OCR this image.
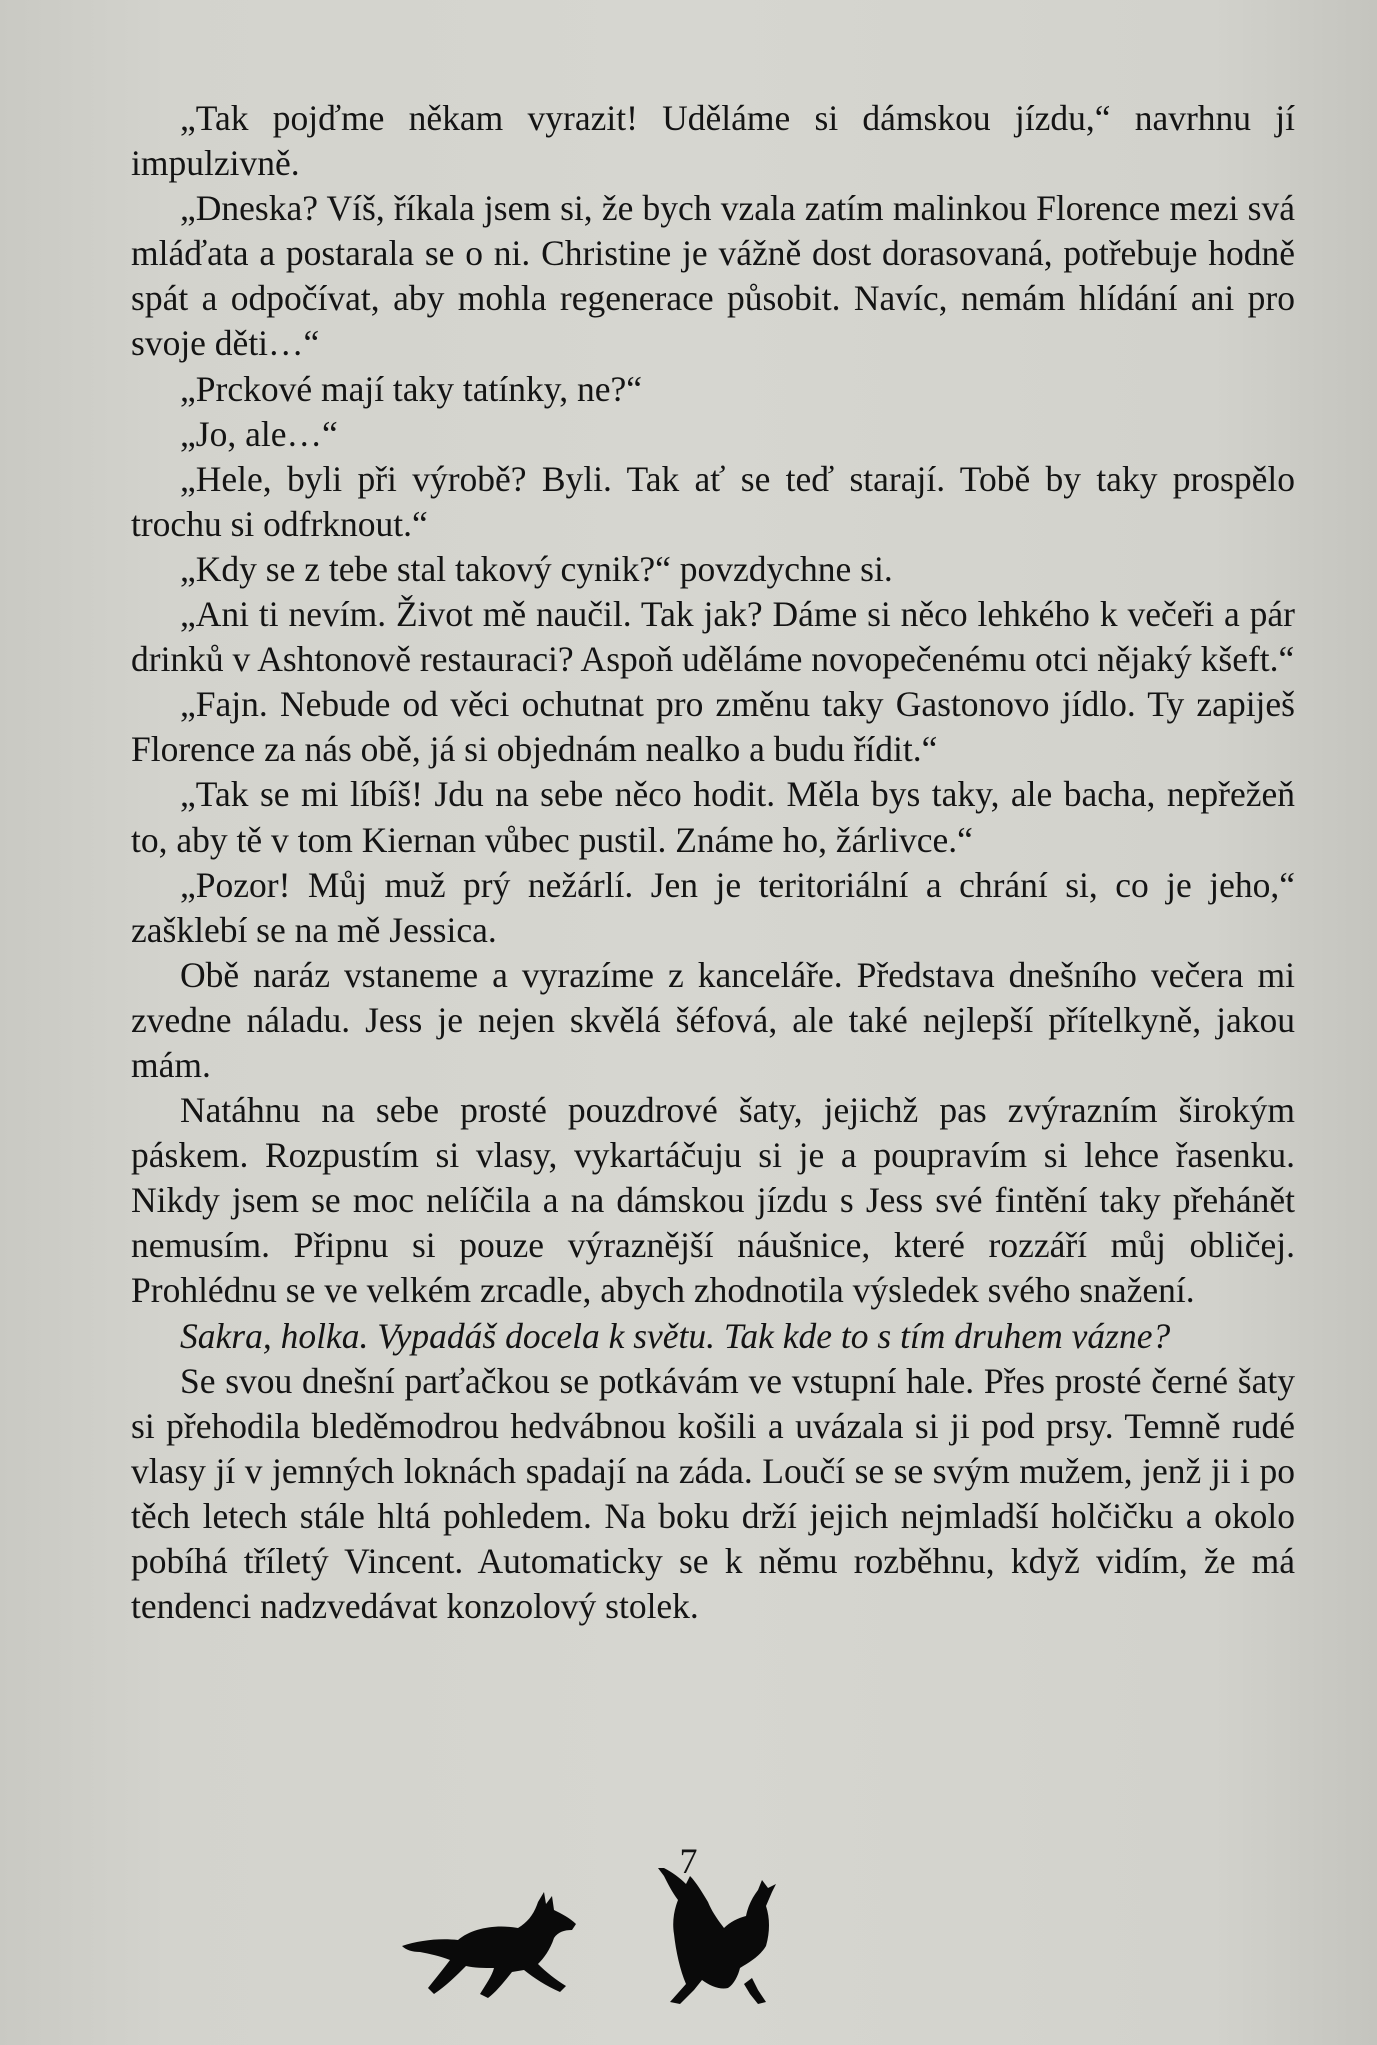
„Tak pojďme někam vyrazit! Uděláme si dámskou jízdu,“ navrhnu jí impulzivně.

„Dneska? Víš, říkala jsem si, že bych vzala zatím malinkou Florence mezi svá mláďata a postarala se o ni. Christine je vážně dost dorasovaná, potřebuje hodně spát a odpočívat, aby mohla regenerace působit. Navíc, nemám hlídání ani pro svoje děti…“

„Prckové mají taky tatínky, ne?“

„Jo, ale…“

„Hele, byli při výrobě? Byli. Tak ať se teď starají. Tobě by taky prospělo trochu si odfrknout.“

„Kdy se z tebe stal takový cynik?“ povzdychne si.

„Ani ti nevím. Život mě naučil. Tak jak? Dáme si něco lehkého k večeři a pár drinků v Ashtonově restauraci? Aspoň uděláme novopečenému otci nějaký kšeft.“

„Fajn. Nebude od věci ochutnat pro změnu taky Gastonovo jídlo. Ty zapiješ Florence za nás obě, já si objednám nealko a budu řídit.“

„Tak se mi líbíš! Jdu na sebe něco hodit. Měla bys taky, ale bacha, nepřežeň to, aby tě v tom Kiernan vůbec pustil. Známe ho, žárlivce.“

„Pozor! Můj muž prý nežárlí. Jen je teritoriální a chrání si, co je jeho,“ zašklebí se na mě Jessica.

Obě naráz vstaneme a vyrazíme z kanceláře. Představa dnešního večera mi zvedne náladu. Jess je nejen skvělá šéfová, ale také nejlepší přítelkyně, jakou mám.

Natáhnu na sebe prosté pouzdrové šaty, jejichž pas zvýrazním širokým páskem. Rozpustím si vlasy, vykartáčuju si je a poupravím si lehce řasenku. Nikdy jsem se moc nelíčila a na dámskou jízdu s Jess své fintění taky přehánět nemusím. Připnu si pouze výraznější náušnice, které rozzáří můj obličej. Prohlédnu se ve velkém zrcadle, abych zhodnotila výsledek svého snažení.

Sakra, holka. Vypadáš docela k světu. Tak kde to s tím druhem vázne?

Se svou dnešní parťačkou se potkávám ve vstupní hale. Přes prosté černé šaty si přehodila bleděmodrou hedvábnou košili a uvázala si ji pod prsy. Temně rudé vlasy jí v jemných loknách spadají na záda. Loučí se se svým mužem, jenž ji i po těch letech stále hltá pohledem. Na boku drží jejich nejmladší holčičku a okolo pobíhá tříletý Vincent. Automaticky se k němu rozběhnu, když vidím, že má tendenci nadzvedávat konzolový stolek.

7
